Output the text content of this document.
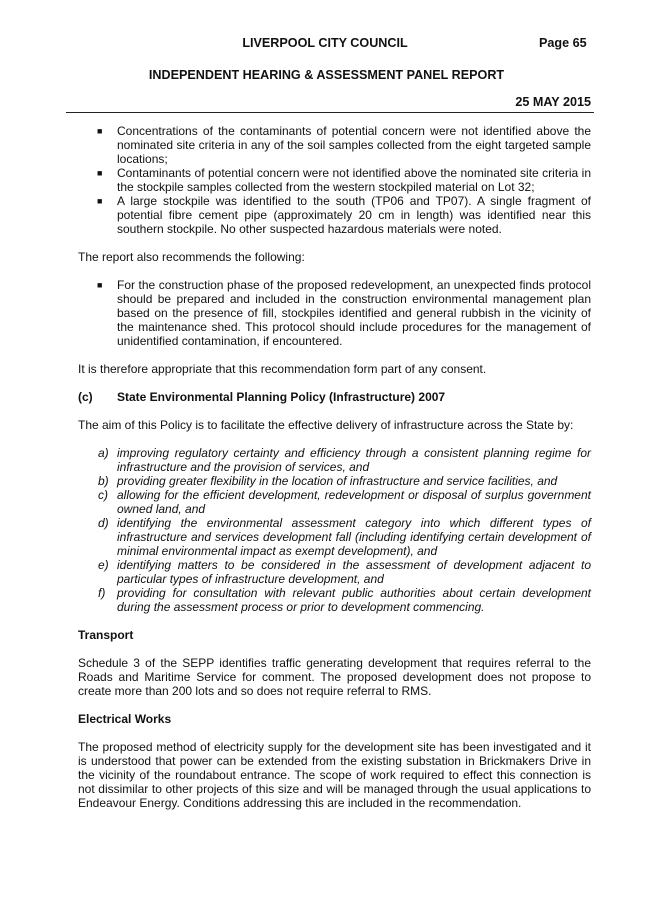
LIVERPOOL CITY COUNCIL	Page 65
INDEPENDENT HEARING & ASSESSMENT PANEL REPORT
25 MAY 2015
■ Concentrations of the contaminants of potential concern were not identified above the nominated site criteria in any of the soil samples collected from the eight targeted sample locations;
■ Contaminants of potential concern were not identified above the nominated site criteria in the stockpile samples collected from the western stockpiled material on Lot 32;
■ A large stockpile was identified to the south (TP06 and TP07). A single fragment of potential fibre cement pipe (approximately 20 cm in length) was identified near this southern stockpile. No other suspected hazardous materials were noted.

The report also recommends the following:

■ For the construction phase of the proposed redevelopment, an unexpected finds protocol should be prepared and included in the construction environmental management plan based on the presence of fill, stockpiles identified and general rubbish in the vicinity of the maintenance shed. This protocol should include procedures for the management of unidentified contamination, if encountered.

It is therefore appropriate that this recommendation form part of any consent.

(c) State Environmental Planning Policy (Infrastructure) 2007

The aim of this Policy is to facilitate the effective delivery of infrastructure across the State by:

a) improving regulatory certainty and efficiency through a consistent planning regime for infrastructure and the provision of services, and
b) providing greater flexibility in the location of infrastructure and service facilities, and
c) allowing for the efficient development, redevelopment or disposal of surplus government owned land, and
d) identifying the environmental assessment category into which different types of infrastructure and services development fall (including identifying certain development of minimal environmental impact as exempt development), and
e) identifying matters to be considered in the assessment of development adjacent to particular types of infrastructure development, and
f) providing for consultation with relevant public authorities about certain development during the assessment process or prior to development commencing.
Transport

Schedule 3 of the SEPP identifies traffic generating development that requires referral to the Roads and Maritime Service for comment. The proposed development does not propose to create more than 200 lots and so does not require referral to RMS.

Electrical Works

The proposed method of electricity supply for the development site has been investigated and it is understood that power can be extended from the existing substation in Brickmakers Drive in the vicinity of the roundabout entrance. The scope of work required to effect this connection is not dissimilar to other projects of this size and will be managed through the usual applications to Endeavour Energy. Conditions addressing this are included in the recommendation.
